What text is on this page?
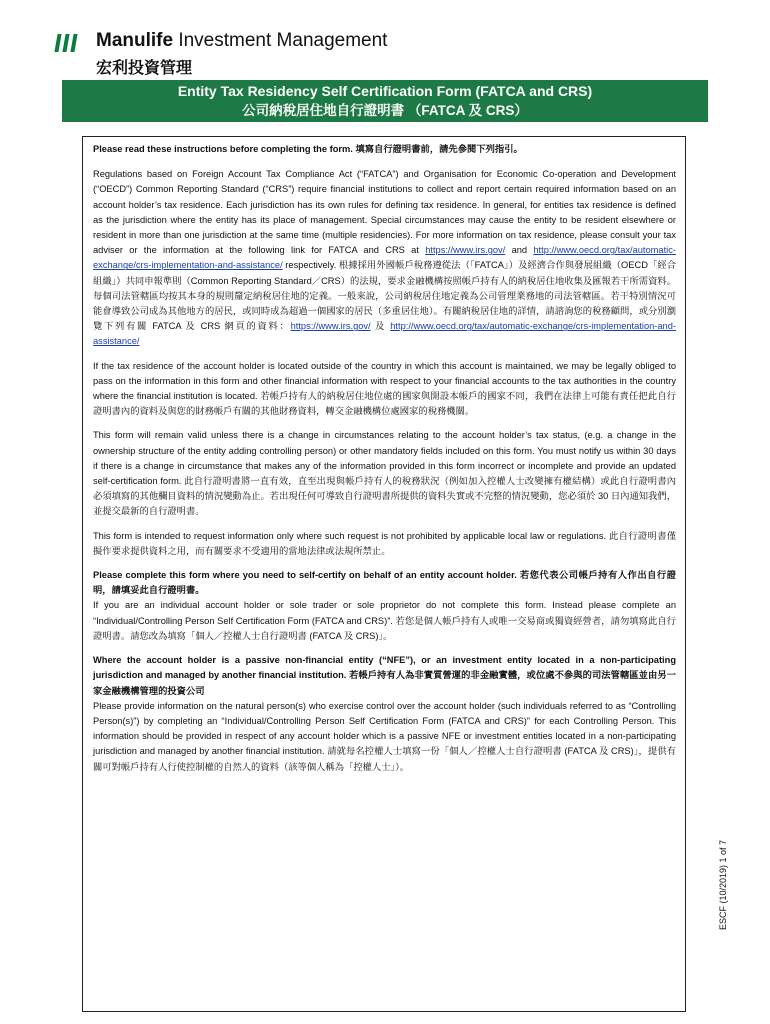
Manulife Investment Management
宏利投資管理
Entity Tax Residency Self Certification Form (FATCA and CRS)
公司納稅居住地自行證明書 （FATCA 及 CRS）

Please read these instructions before completing the form. 填寫自行證明書前，請先參閱下列指引。

Regulations based on Foreign Account Tax Compliance Act (“FATCA”) and Organisation for Economic Co-operation and Development (“OECD”) Common Reporting Standard (“CRS”) require financial institutions to collect and report certain required information based on an account holder’s tax residence. Each jurisdiction has its own rules for defining tax residence. In general, for entities tax residence is defined as the jurisdiction where the entity has its place of management. Special circumstances may cause the entity to be resident elsewhere or resident in more than one jurisdiction at the same time (multiple residencies). For more information on tax residence, please consult your tax adviser or the information at the following link for FATCA and CRS at https://www.irs.gov/ and http://www.oecd.org/tax/automatic-exchange/crs-implementation-and-assistance/ respectively. 根據採用外國帳戶稅務遵從法（「FATCA」）及經濟合作與發展組織（OECD「經合組織」）共同申報準則（Common Reporting Standard／CRS）的法規，要求金融機構按照帳戶持有人的納稅居住地收集及匯報若干所需資料。每個司法管轄區均按其本身的規則釐定納稅居住地的定義。一般來說，公司納稅居住地定義為公司管理業務地的司法管轄區。若干特別情況可能會導致公司成為其他地方的居民，或同時成為超過一個國家的居民（多重居住地）。有關納稅居住地的詳情，請諮詢您的稅務顧問，或分別瀏覽下列有關 FATCA 及 CRS 網頁的資料：https://www.irs.gov/ 及 http://www.oecd.org/tax/automatic-exchange/crs-implementation-and-assistance/

If the tax residence of the account holder is located outside of the country in which this account is maintained, we may be legally obliged to pass on the information in this form and other financial information with respect to your financial accounts to the tax authorities in the country where the financial institution is located. 若帳戶持有人的納稅居住地位處的國家與開設本帳戶的國家不同，我們在法律上可能有責任把此自行證明書內的資料及與您的財務帳戶有關的其他財務資料，轉交金融機構位處國家的稅務機關。

This form will remain valid unless there is a change in circumstances relating to the account holder’s tax status, (e.g. a change in the ownership structure of the entity adding controlling person) or other mandatory fields included on this form. You must notify us within 30 days if there is a change in circumstance that makes any of the information provided in this form incorrect or incomplete and provide an updated self-certification form. 此自行證明書將一直有效，直至出現與帳戶持有人的稅務狀況（例如加入控權人士改變擁有權結構）或此自行證明書內必須填寫的其他欄目資料的情況變動為止。若出現任何可導致自行證明書所提供的資料失實或不完整的情況變動，您必須於 30 日內通知我們，並提交最新的自行證明書。

This form is intended to request information only where such request is not prohibited by applicable local law or regulations. 此自行證明書僅擬作要求提供資料之用，而有關要求不受適用的當地法律或法規所禁止。

Please complete this form where you need to self-certify on behalf of an entity account holder. 若您代表公司帳戶持有人作出自行證明，請填妥此自行證明書。

If you are an individual account holder or sole trader or sole proprietor do not complete this form. Instead please complete an “Individual/Controlling Person Self Certification Form (FATCA and CRS)”. 若您是個人帳戶持有人或唯一交易商或獨資經營者，請勿填寫此自行證明書。請您改為填寫「個人／控權人士自行證明書 (FATCA 及 CRS)」。

Where the account holder is a passive non-financial entity (“NFE”), or an investment entity located in a non-participating jurisdiction and managed by another financial institution. 若帳戶持有人為非實質營運的非金融實體，或位處不參與的司法管轄區並由另一家金融機構管理的投資公司

Please provide information on the natural person(s) who exercise control over the account holder (such individuals referred to as “Controlling Person(s)”) by completing an “Individual/Controlling Person Self Certification Form (FATCA and CRS)” for each Controlling Person. This information should be provided in respect of any account holder which is a passive NFE or investment entities located in a non-participating jurisdiction and managed by another financial institution. 請就每名控權人士填寫一份「個人／控權人士自行證明書 (FATCA 及 CRS)」，提供有關可對帳戶持有人行使控制權的自然人的資料（該等個人稱為「控權人士」）。

ESCF (10/2019) 1 of 7
